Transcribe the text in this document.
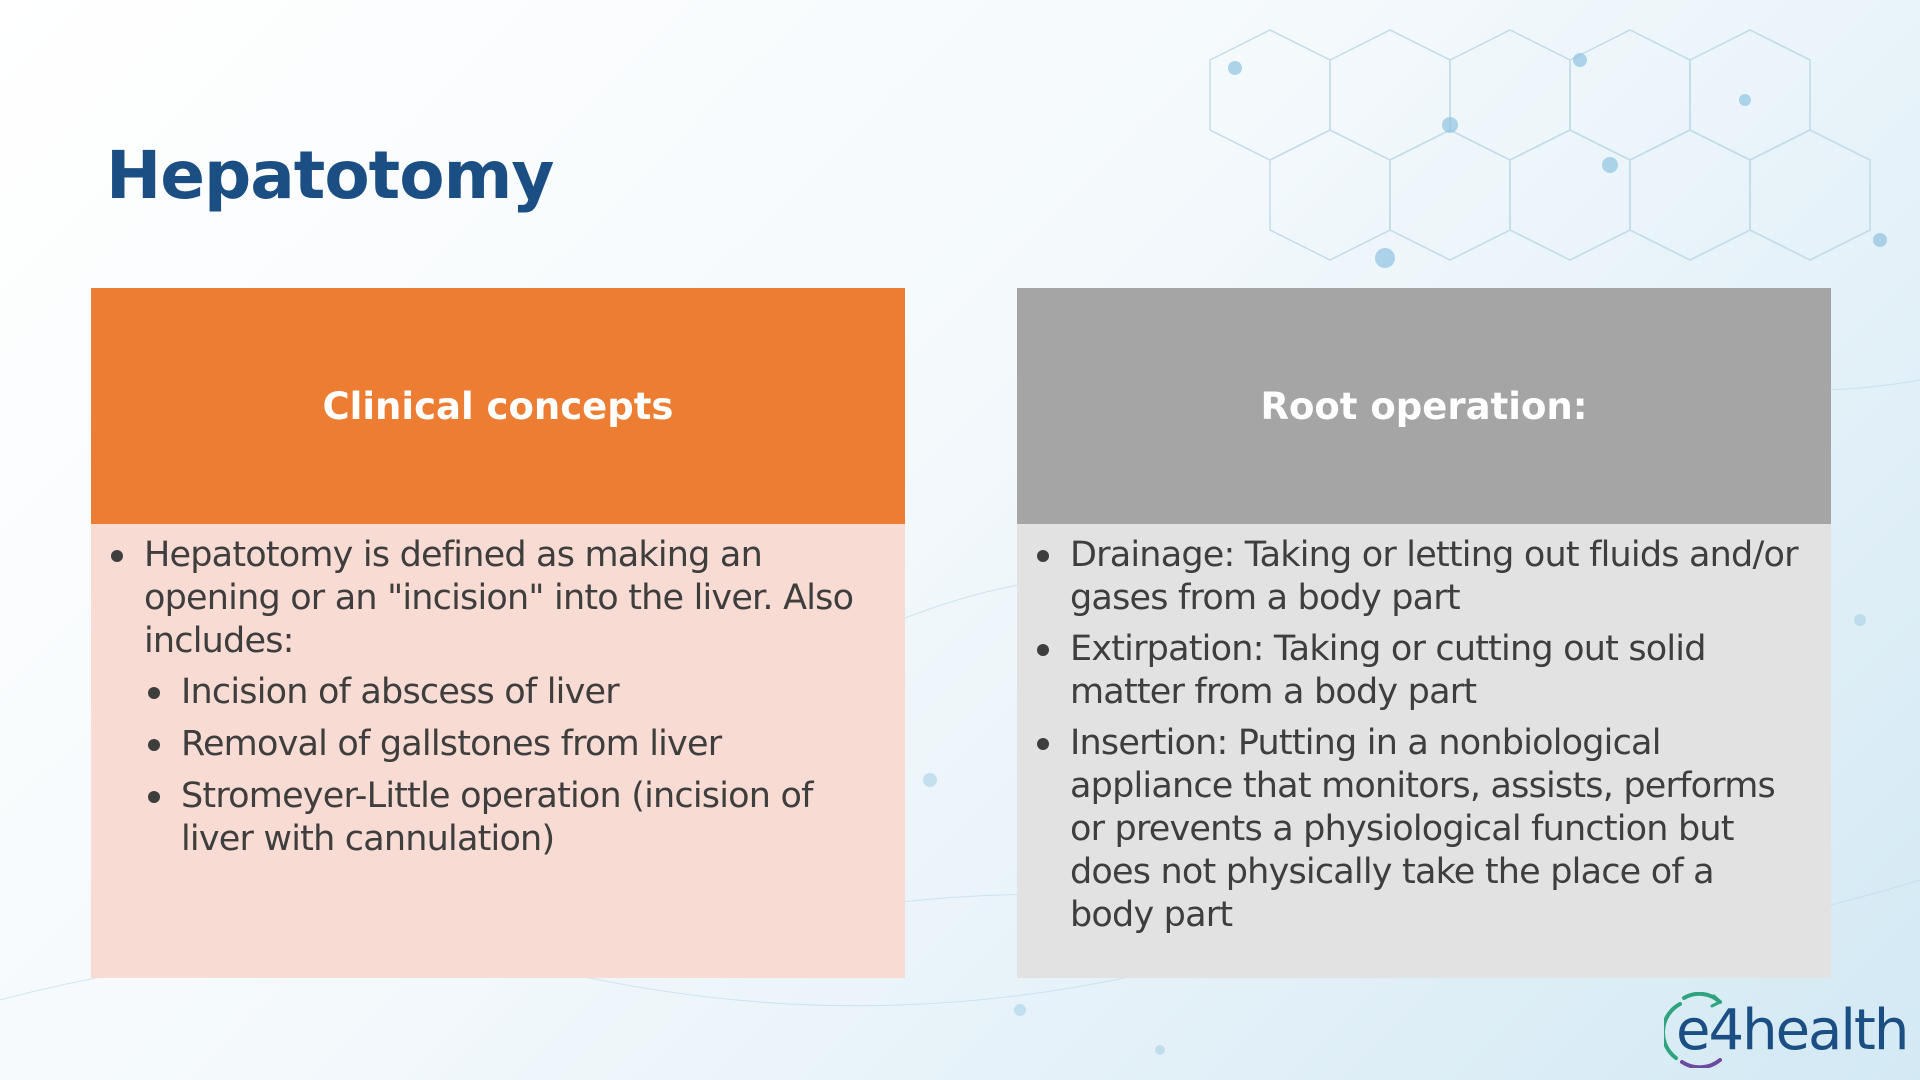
Hepatotomy
Clinical concepts
Hepatotomy is defined as making an opening or an "incision" into the liver. Also includes:
Incision of abscess of liver
Removal of gallstones from liver
Stromeyer-Little operation (incision of liver with cannulation)
Root operation:
Drainage: Taking or letting out fluids and/or gases from a body part
Extirpation: Taking or cutting out solid matter from a body part
Insertion: Putting in a nonbiological appliance that monitors, assists, performs or prevents a physiological function but does not physically take the place of a body part
e4health
